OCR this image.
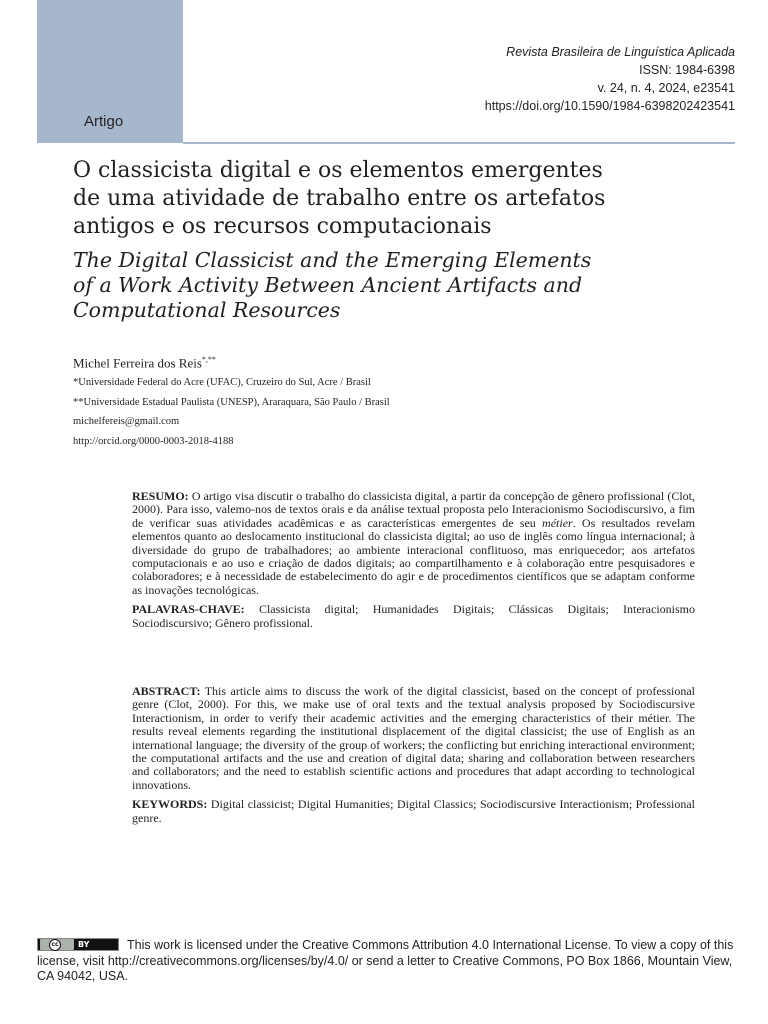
Artigo
Revista Brasileira de Linguística Aplicada
ISSN: 1984-6398
v. 24, n. 4, 2024, e23541
https://doi.org/10.1590/1984-6398202423541
O classicista digital e os elementos emergentes
de uma atividade de trabalho entre os artefatos
antigos e os recursos computacionais
The Digital Classicist and the Emerging Elements
of a Work Activity Between Ancient Artifacts and
Computational Resources
Michel Ferreira dos Reis*,**
*Universidade Federal do Acre (UFAC), Cruzeiro do Sul, Acre / Brasil
**Universidade Estadual Paulista (UNESP), Araraquara, São Paulo / Brasil
michelfereis@gmail.com
http://orcid.org/0000-0003-2018-4188

RESUMO: O artigo visa discutir o trabalho do classicista digital, a partir da concepção de gênero profissional (Clot, 2000). Para isso, valemo-nos de textos orais e da análise textual proposta pelo Interacionismo Sociodiscursivo, a fim de verificar suas atividades acadêmicas e as características emergentes de seu métier. Os resultados revelam elementos quanto ao deslocamento institucional do classicista digital; ao uso de inglês como língua internacional; à diversidade do grupo de trabalhadores; ao ambiente interacional conflituoso, mas enriquecedor; aos artefatos computacionais e ao uso e criação de dados digitais; ao compartilhamento e à colaboração entre pesquisadores e colaboradores; e à necessidade de estabelecimento do agir e de procedimentos científicos que se adaptam conforme as inovações tecnológicas.

PALAVRAS-CHAVE: Classicista digital; Humanidades Digitais; Clássicas Digitais; Interacionismo Sociodiscursivo; Gênero profissional.

ABSTRACT: This article aims to discuss the work of the digital classicist, based on the concept of professional genre (Clot, 2000). For this, we make use of oral texts and the textual analysis proposed by Sociodiscursive Interactionism, in order to verify their academic activities and the emerging characteristics of their métier. The results reveal elements regarding the institutional displacement of the digital classicist; the use of English as an international language; the diversity of the group of workers; the conflicting but enriching interactional environment; the computational artifacts and the use and creation of digital data; sharing and collaboration between researchers and collaborators; and the need to establish scientific actions and procedures that adapt according to technological innovations.

KEYWORDS: Digital classicist; Digital Humanities; Digital Classics; Sociodiscursive Interactionism; Professional genre.

cc	BY	This work is licensed under the Creative Commons Attribution 4.0 International License. To view a copy of this license, visit http://creativecommons.org/licenses/by/4.0/ or send a letter to Creative Commons, PO Box 1866, Mountain View, CA 94042, USA.
